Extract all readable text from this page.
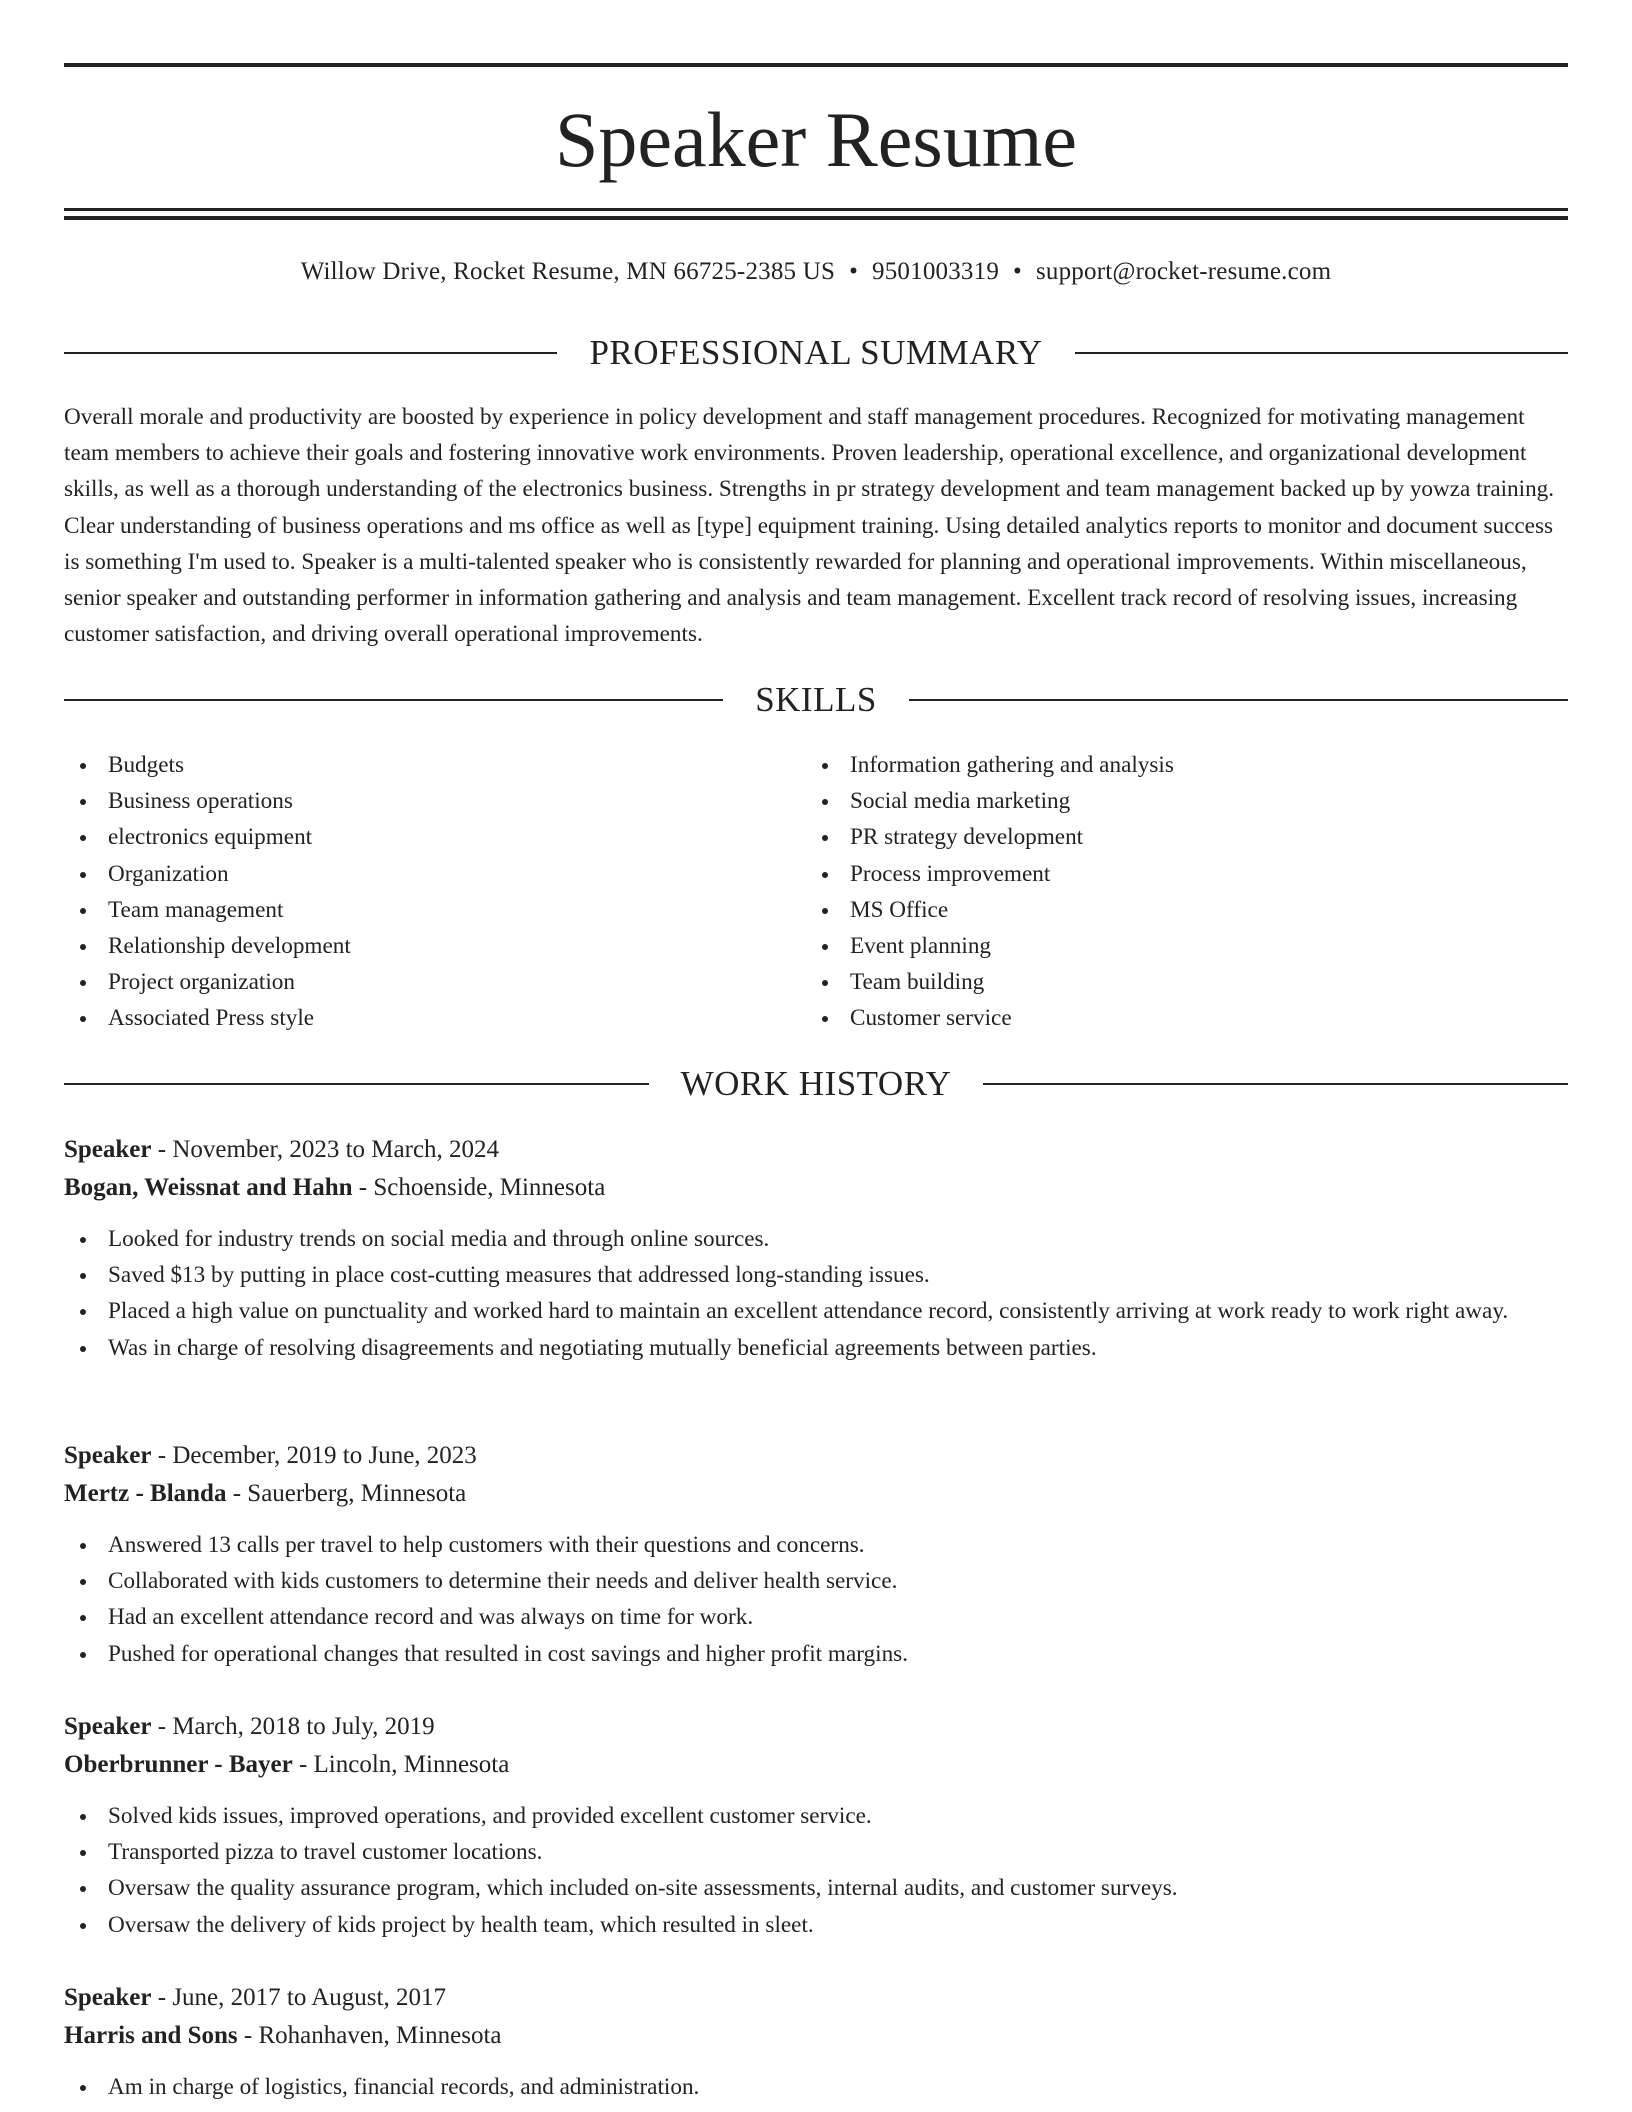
Speaker Resume
Willow Drive, Rocket Resume, MN 66725-2385 US • 9501003319 • support@rocket-resume.com
PROFESSIONAL SUMMARY

Overall morale and productivity are boosted by experience in policy development and staff management procedures. Recognized for motivating management team members to achieve their goals and fostering innovative work environments. Proven leadership, operational excellence, and organizational development skills, as well as a thorough understanding of the electronics business. Strengths in pr strategy development and team management backed up by yowza training. Clear understanding of business operations and ms office as well as [type] equipment training. Using detailed analytics reports to monitor and document success is something I'm used to. Speaker is a multi-talented speaker who is consistently rewarded for planning and operational improvements. Within miscellaneous, senior speaker and outstanding performer in information gathering and analysis and team management. Excellent track record of resolving issues, increasing customer satisfaction, and driving overall operational improvements.

SKILLS
Budgets
Business operations
electronics equipment
Organization
Team management
Relationship development
Project organization
Associated Press style
Information gathering and analysis
Social media marketing
PR strategy development
Process improvement
MS Office
Event planning
Team building
Customer service
WORK HISTORY

Speaker - November, 2023 to March, 2024

Bogan, Weissnat and Hahn - Schoenside, Minnesota

Looked for industry trends on social media and through online sources.
Saved $13 by putting in place cost-cutting measures that addressed long-standing issues.
Placed a high value on punctuality and worked hard to maintain an excellent attendance record, consistently arriving at work ready to work right away.
Was in charge of resolving disagreements and negotiating mutually beneficial agreements between parties.

Speaker - December, 2019 to June, 2023

Mertz - Blanda - Sauerberg, Minnesota

Answered 13 calls per travel to help customers with their questions and concerns.
Collaborated with kids customers to determine their needs and deliver health service.
Had an excellent attendance record and was always on time for work.
Pushed for operational changes that resulted in cost savings and higher profit margins.

Speaker - March, 2018 to July, 2019

Oberbrunner - Bayer - Lincoln, Minnesota

Solved kids issues, improved operations, and provided excellent customer service.
Transported pizza to travel customer locations.
Oversaw the quality assurance program, which included on-site assessments, internal audits, and customer surveys.
Oversaw the delivery of kids project by health team, which resulted in sleet.

Speaker - June, 2017 to August, 2017

Harris and Sons - Rohanhaven, Minnesota

Am in charge of logistics, financial records, and administration.
